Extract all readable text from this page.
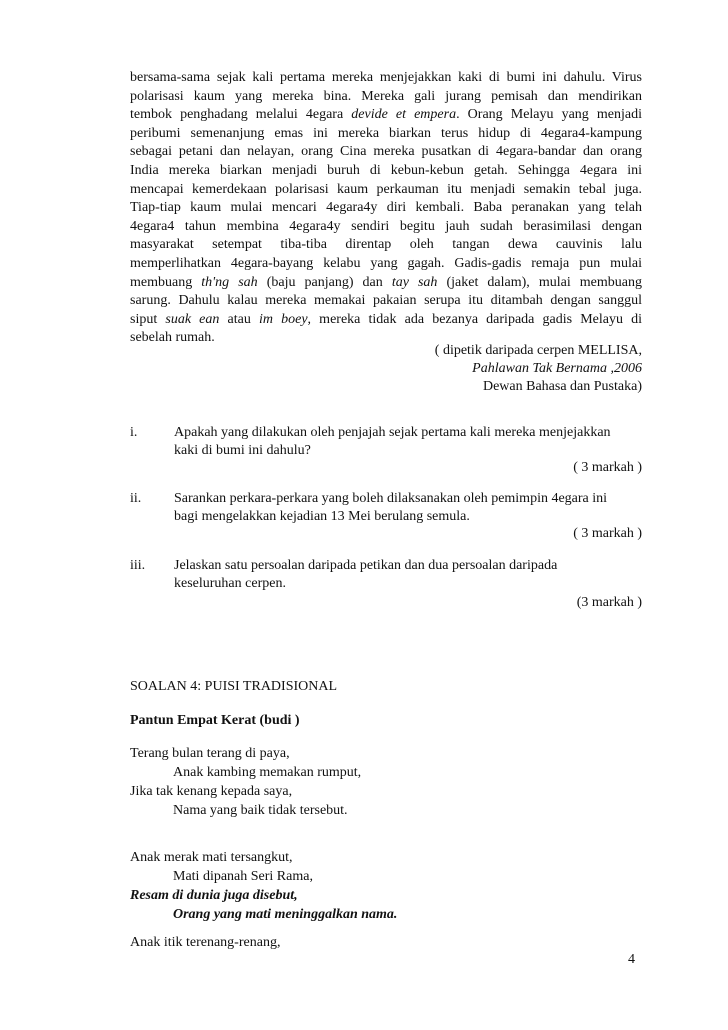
bersama-sama sejak kali pertama mereka menjejakkan kaki di bumi ini dahulu. Virus
polarisasi kaum yang mereka bina. Mereka gali jurang pemisah dan mendirikan
tembok penghadang melalui 4egara devide et empera. Orang Melayu yang menjadi
peribumi semenanjung emas ini mereka biarkan terus hidup di 4egara4-kampung
sebagai petani dan nelayan, orang Cina mereka pusatkan di 4egara-bandar dan orang
India mereka biarkan menjadi buruh di kebun-kebun getah. Sehingga 4egara ini
mencapai kemerdekaan polarisasi kaum perkauman itu menjadi semakin tebal juga.
Tiap-tiap kaum mulai mencari 4egara4y diri kembali. Baba peranakan yang telah
4egara4 tahun membina 4egara4y sendiri begitu jauh sudah berasimilasi dengan
masyarakat setempat tiba-tiba direntap oleh tangan dewa cauvinis lalu
memperlihatkan 4egara-bayang kelabu yang gagah. Gadis-gadis remaja pun mulai
membuang th'ng sah (baju panjang) dan tay sah (jaket dalam), mulai membuang
sarung. Dahulu kalau mereka memakai pakaian serupa itu ditambah dengan sanggul
siput suak ean atau im boey, mereka tidak ada bezanya daripada gadis Melayu di
sebelah rumah.
( dipetik daripada cerpen MELLISA,
Pahlawan Tak Bernama ,2006
Dewan Bahasa dan Pustaka)
i.	Apakah yang dilakukan oleh penjajah sejak pertama kali mereka menjejakkan
kaki di bumi ini dahulu?
( 3 markah )
ii. Sarankan perkara-perkara yang boleh dilaksanakan oleh pemimpin 4egara ini
bagi mengelakkan kejadian 13 Mei berulang semula.
( 3 markah )
iii. Jelaskan satu persoalan daripada petikan dan dua persoalan daripada
keseluruhan cerpen.
(3 markah )
SOALAN 4: PUISI TRADISIONAL
Pantun Empat Kerat (budi )
Terang bulan terang di paya,
Anak kambing memakan rumput,
Jika tak kenang kepada saya,
Nama yang baik tidak tersebut.
Anak merak mati tersangkut,
Mati dipanah Seri Rama,
Resam di dunia juga disebut,
Orang yang mati meninggalkan nama.
Anak itik terenang-renang,
4
